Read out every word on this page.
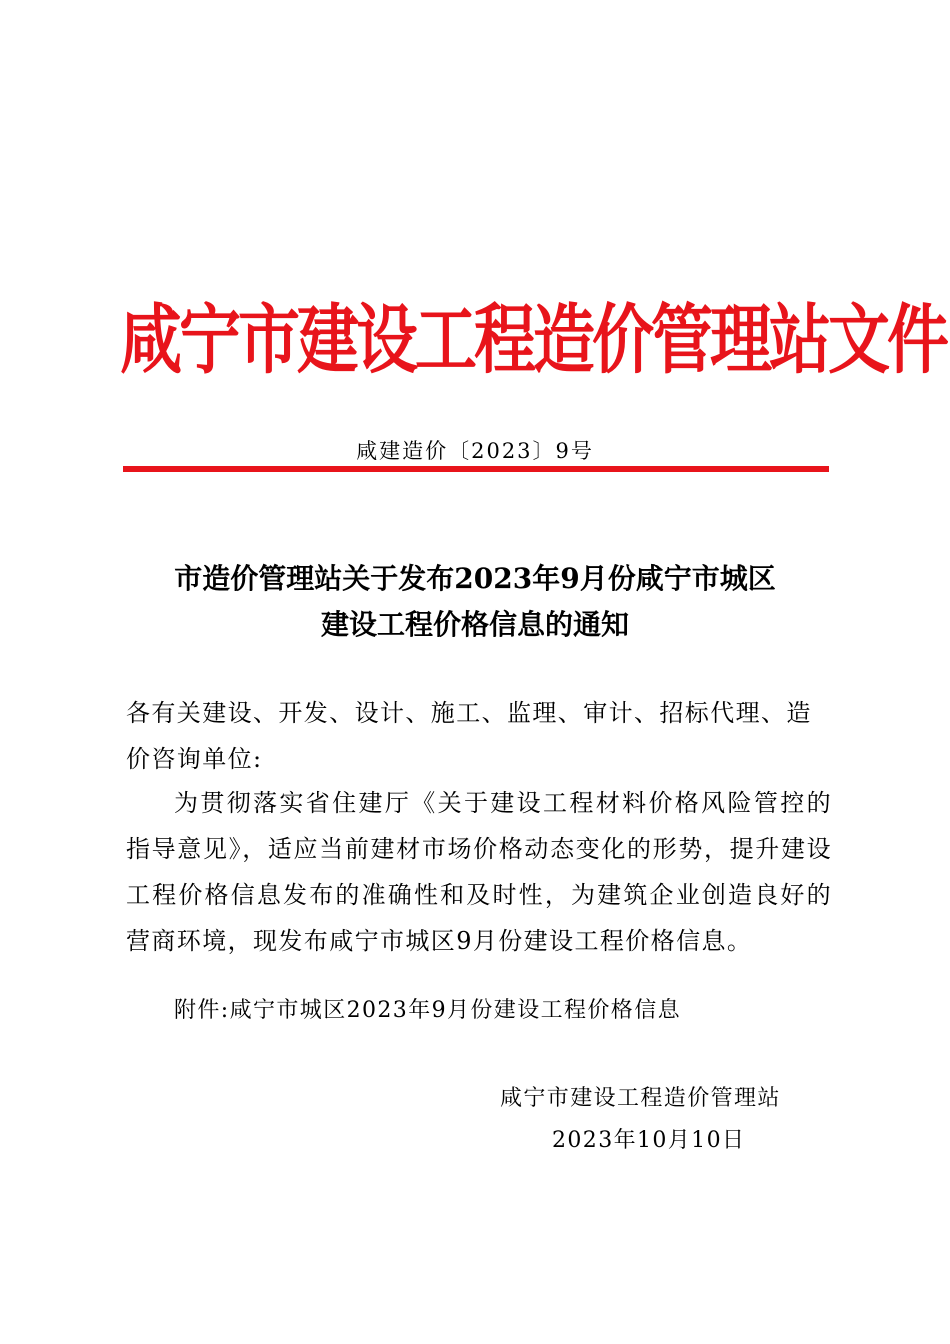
咸宁市建设工程造价管理站文件
咸建造价〔2023〕9号
市造价管理站关于发布2023年9月份咸宁市城区
建设工程价格信息的通知
各有关建设、开发、设计、施工、监理、审计、招标代理、造价咨询单位:
为贯彻落实省住建厅《关于建设工程材料价格风险管控的指导意见》，适应当前建材市场价格动态变化的形势，提升建设工程价格信息发布的准确性和及时性，为建筑企业创造良好的营商环境，现发布咸宁市城区9月份建设工程价格信息。
附件:咸宁市城区2023年9月份建设工程价格信息
咸宁市建设工程造价管理站
2023年10月10日
